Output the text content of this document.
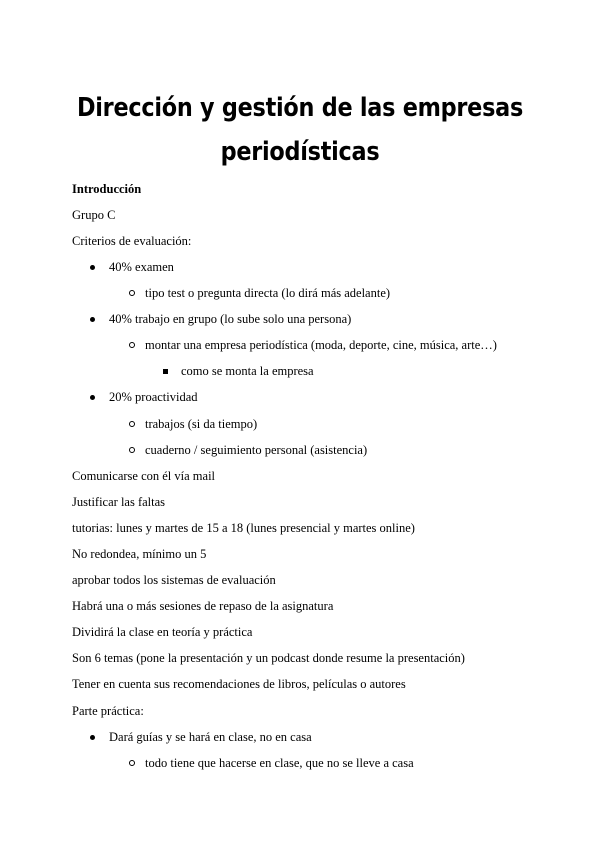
Dirección y gestión de las empresas periodísticas
Introducción
Grupo C
Criterios de evaluación:
40% examen
tipo test o pregunta directa (lo dirá más adelante)
40% trabajo en grupo (lo sube solo una persona)
montar una empresa periodística (moda, deporte, cine, música, arte…)
como se monta la empresa
20% proactividad
trabajos (si da tiempo)
cuaderno / seguimiento personal (asistencia)
Comunicarse con él vía mail
Justificar las faltas
tutorias: lunes y martes de 15 a 18 (lunes presencial y martes online)
No redondea, mínimo un 5
aprobar todos los sistemas de evaluación
Habrá una o más sesiones de repaso de la asignatura
Dividirá la clase en teoría y práctica
Son 6 temas (pone la presentación y un podcast donde resume la presentación)
Tener en cuenta sus recomendaciones de libros, películas o autores
Parte práctica:
Dará guías y se hará en clase, no en casa
todo tiene que hacerse en clase, que no se lleve a casa
